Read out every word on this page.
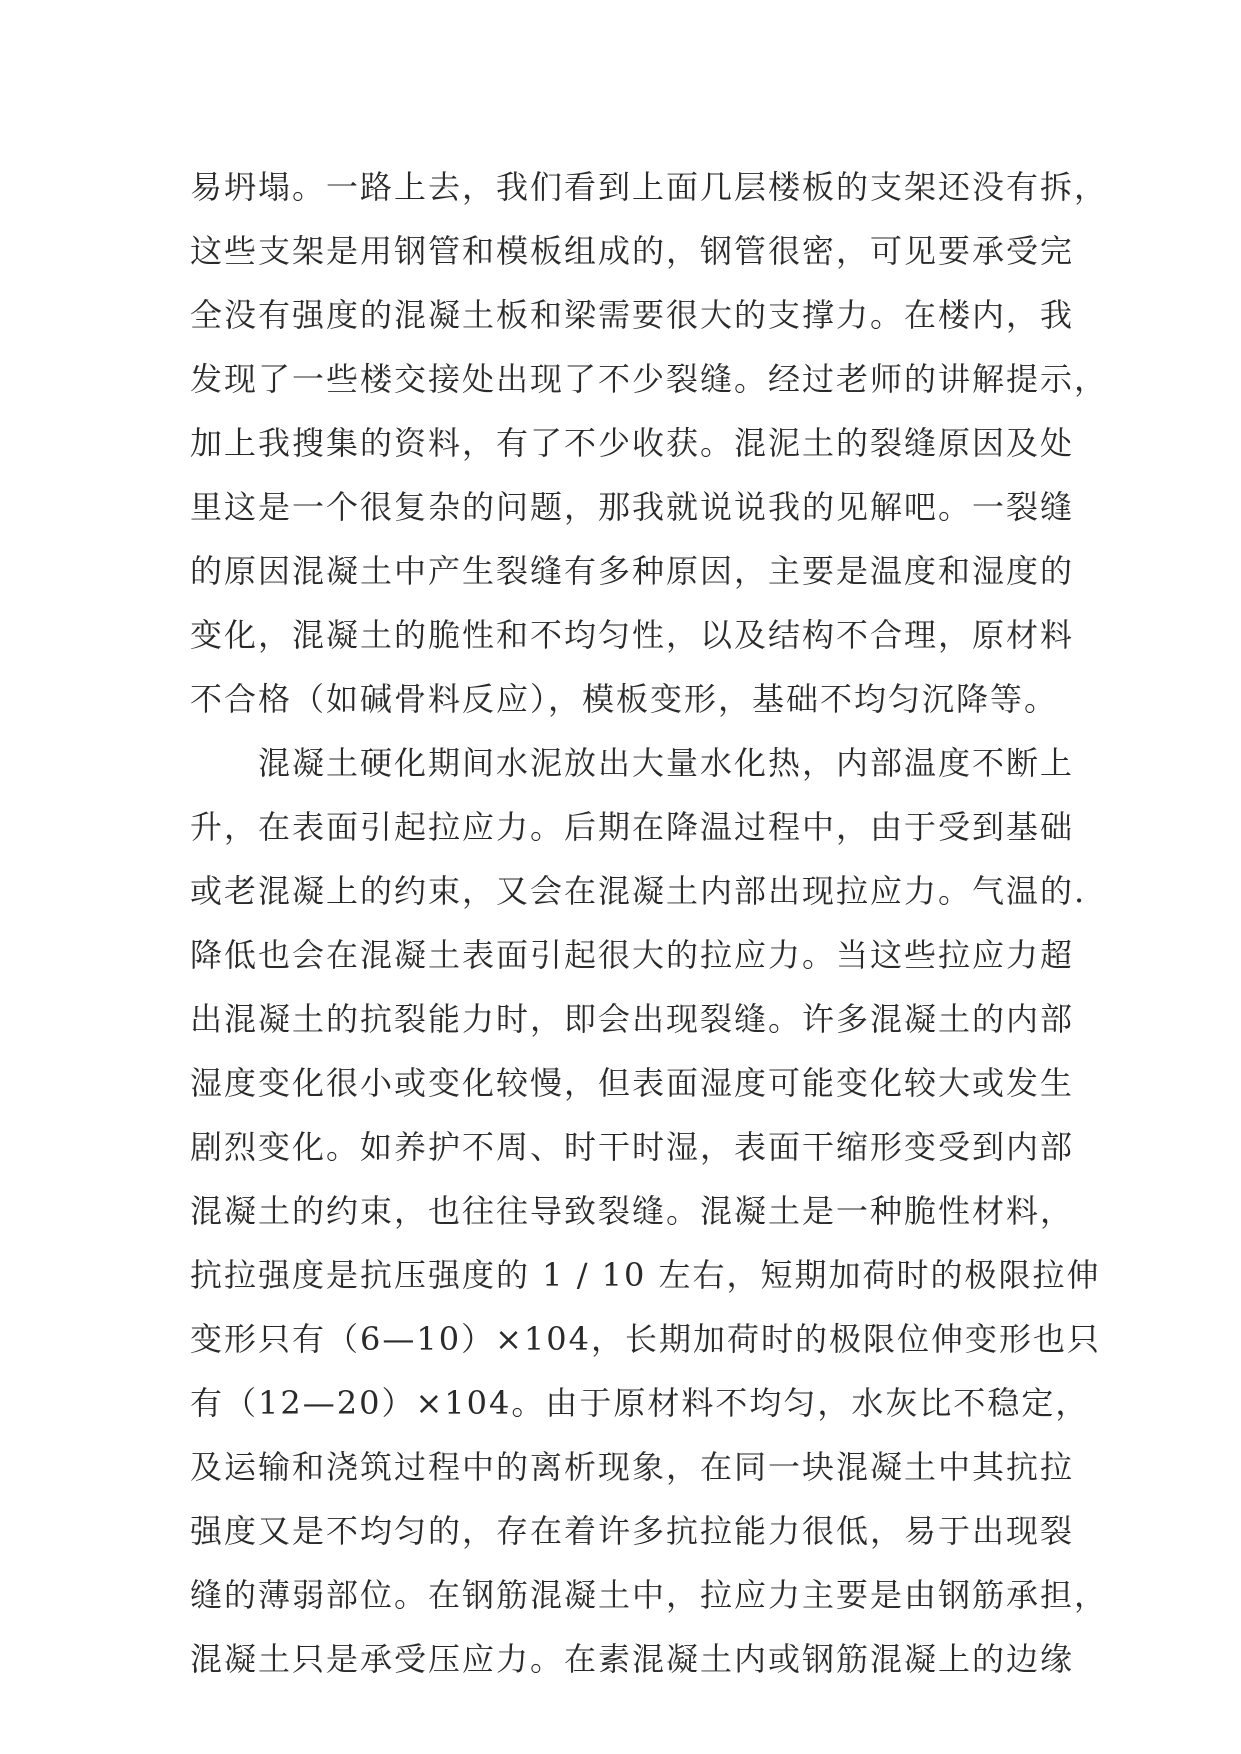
易坍塌。一路上去，我们看到上面几层楼板的支架还没有拆，
这些支架是用钢管和模板组成的，钢管很密，可见要承受完
全没有强度的混凝土板和梁需要很大的支撑力。在楼内，我
发现了一些楼交接处出现了不少裂缝。经过老师的讲解提示，
加上我搜集的资料，有了不少收获。混泥土的裂缝原因及处
里这是一个很复杂的问题，那我就说说我的见解吧。一裂缝
的原因混凝土中产生裂缝有多种原因，主要是温度和湿度的
变化，混凝土的脆性和不均匀性，以及结构不合理，原材料
不合格（如碱骨料反应），模板变形，基础不均匀沉降等。
　　混凝土硬化期间水泥放出大量水化热，内部温度不断上
升，在表面引起拉应力。后期在降温过程中，由于受到基础
或老混凝上的约束，又会在混凝土内部出现拉应力。气温的.
降低也会在混凝土表面引起很大的拉应力。当这些拉应力超
出混凝土的抗裂能力时，即会出现裂缝。许多混凝土的内部
湿度变化很小或变化较慢，但表面湿度可能变化较大或发生
剧烈变化。如养护不周、时干时湿，表面干缩形变受到内部
混凝土的约束，也往往导致裂缝。混凝土是一种脆性材料，
抗拉强度是抗压强度的 1 / 10 左右，短期加荷时的极限拉伸
变形只有（6—10）×104，长期加荷时的极限位伸变形也只
有（12—20）×104。由于原材料不均匀，水灰比不稳定，
及运输和浇筑过程中的离析现象，在同一块混凝土中其抗拉
强度又是不均匀的，存在着许多抗拉能力很低，易于出现裂
缝的薄弱部位。在钢筋混凝土中，拉应力主要是由钢筋承担，
混凝土只是承受压应力。在素混凝土内或钢筋混凝上的边缘
